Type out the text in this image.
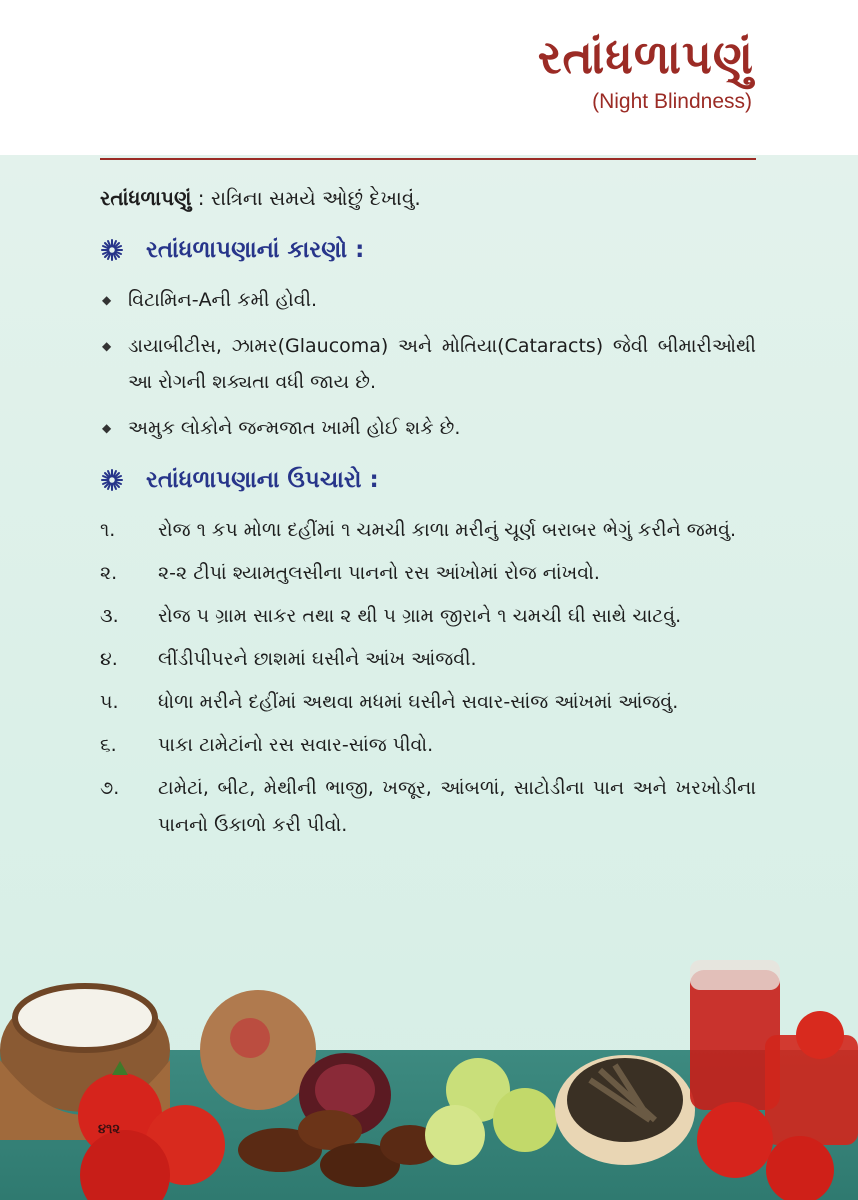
રતાંધળાપણું
(Night Blindness)

રતાંધળાપણું : રાત્રિના સમયે ઓછું દેખાવું.

રતાંધળાપણાનાં કારણો :
◆ વિટામિન-Aની કમી હોવી.
◆ ડાયાબીટીસ, ઝામર(Glaucoma) અને મોતિયા(Cataracts) જેવી બીમારીઓથી આ રોગની શક્યતા વધી જાય છે.
◆ અમુક લોકોને જન્મજાત ખામી હોઈ શકે છે.
રતાંધળાપણાના ઉપચારો :
૧.	રોજ ૧ કપ મોળા દહીંમાં ૧ ચમચી કાળા મરીનું ચૂર્ણ બરાબર ભેગું કરીને જમવું.
૨.	૨-૨ ટીપાં શ્યામતુલસીના પાનનો રસ આંખોમાં રોજ નાંખવો.
૩.	રોજ ૫ ગ્રામ સાકર તથા ૨ થી ૫ ગ્રામ જીરાને ૧ ચમચી ઘી સાથે ચાટવું.
૪.	લીંડીપીપરને છાશમાં ઘસીને આંખ આંજવી.
૫.	ધોળા મરીને દહીંમાં અથવા મધમાં ઘસીને સવાર-સાંજ આંખમાં આંજવું.
૬.	પાકા ટામેટાંનો રસ સવાર-સાંજ પીવો.
૭.	ટામેટાં, બીટ, મેથીની ભાજી, ખજૂર, આંબળાં, સાટોડીના પાન અને ખરખોડીના પાનનો ઉકાળો કરી પીવો.
૪૧૨
